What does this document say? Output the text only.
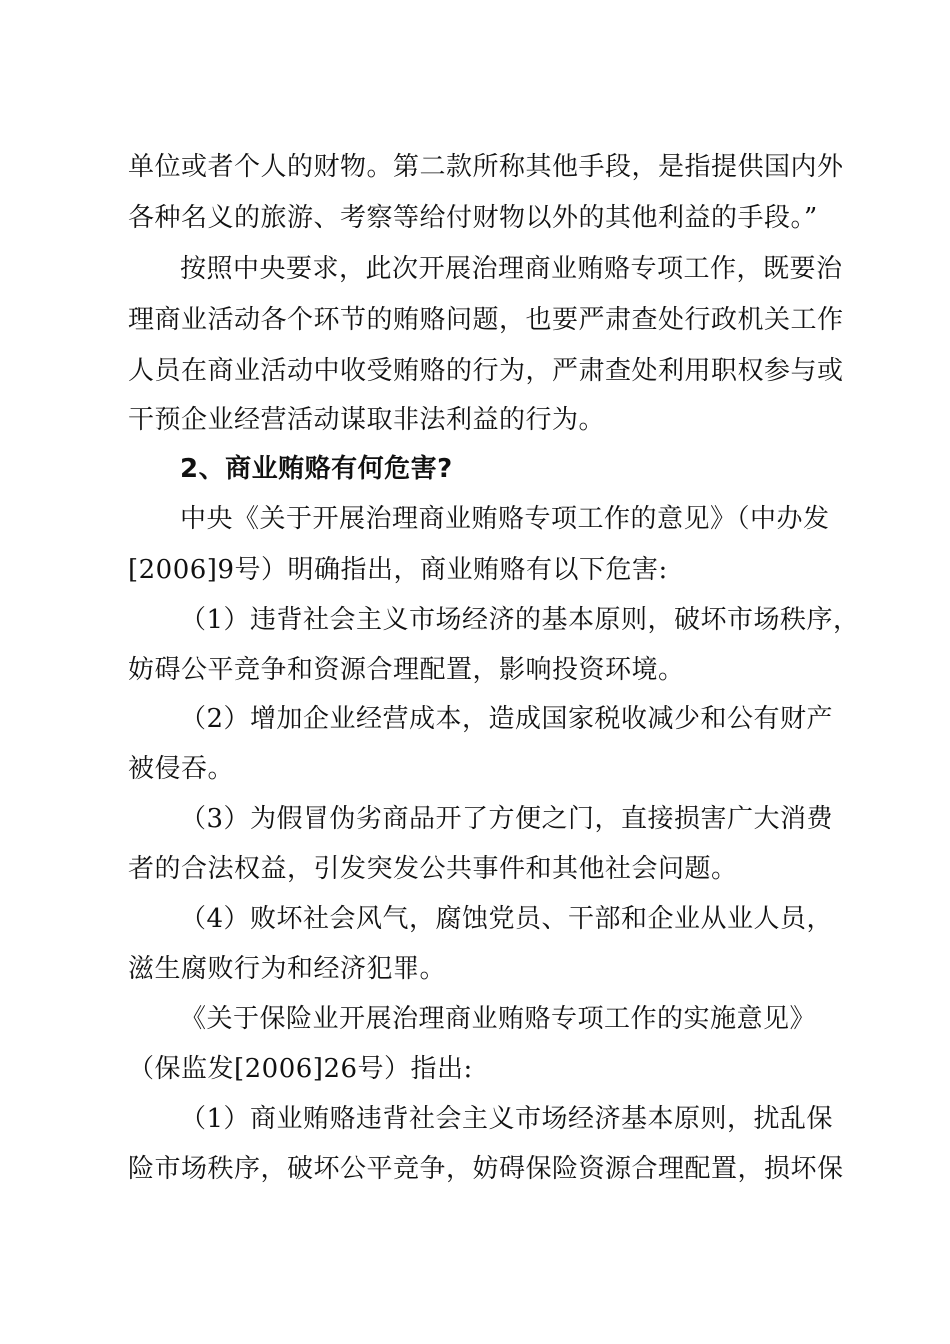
单位或者个人的财物。第二款所称其他手段，是指提供国内外
各种名义的旅游、考察等给付财物以外的其他利益的手段。”
按照中央要求，此次开展治理商业贿赂专项工作，既要治
理商业活动各个环节的贿赂问题，也要严肃查处行政机关工作
人员在商业活动中收受贿赂的行为，严肃查处利用职权参与或
干预企业经营活动谋取非法利益的行为。
2、商业贿赂有何危害?
中央《关于开展治理商业贿赂专项工作的意见》（中办发
[2006]9号）明确指出，商业贿赂有以下危害:
（1）违背社会主义市场经济的基本原则，破坏市场秩序，
妨碍公平竞争和资源合理配置，影响投资环境。
（2）增加企业经营成本，造成国家税收减少和公有财产
被侵吞。
（3）为假冒伪劣商品开了方便之门，直接损害广大消费
者的合法权益，引发突发公共事件和其他社会问题。
（4）败坏社会风气，腐蚀党员、干部和企业从业人员，
滋生腐败行为和经济犯罪。
《关于保险业开展治理商业贿赂专项工作的实施意见》
（保监发[2006]26号）指出:
（1）商业贿赂违背社会主义市场经济基本原则，扰乱保
险市场秩序，破坏公平竞争，妨碍保险资源合理配置，损坏保
